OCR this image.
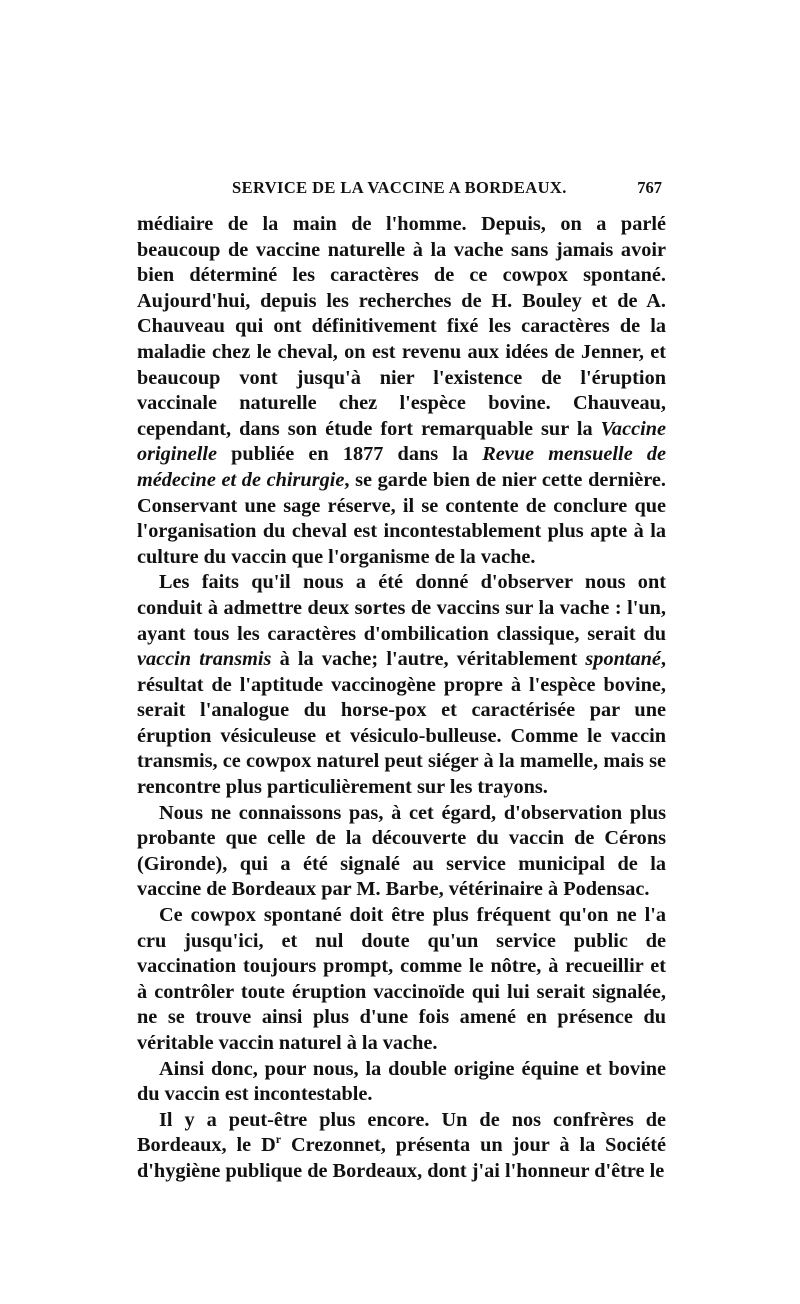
SERVICE DE LA VACCINE A BORDEAUX.	767

médiaire de la main de l'homme. Depuis, on a parlé beaucoup de vaccine naturelle à la vache sans jamais avoir bien déterminé les caractères de ce cowpox spontané. Aujourd'hui, depuis les recherches de H. Bouley et de A. Chauveau qui ont définitivement fixé les caractères de la maladie chez le cheval, on est revenu aux idées de Jenner, et beaucoup vont jusqu'à nier l'existence de l'éruption vaccinale naturelle chez l'espèce bovine. Chauveau, cependant, dans son étude fort remarquable sur la Vaccine originelle publiée en 1877 dans la Revue mensuelle de médecine et de chirurgie, se garde bien de nier cette dernière. Conservant une sage réserve, il se contente de conclure que l'organisation du cheval est incontestablement plus apte à la culture du vaccin que l'organisme de la vache.

Les faits qu'il nous a été donné d'observer nous ont conduit à admettre deux sortes de vaccins sur la vache : l'un, ayant tous les caractères d'ombilication classique, serait du vaccin transmis à la vache; l'autre, véritablement spontané, résultat de l'aptitude vaccinogène propre à l'espèce bovine, serait l'analogue du horse-pox et caractérisée par une éruption vésiculeuse et vésiculo-bulleuse. Comme le vaccin transmis, ce cowpox naturel peut siéger à la mamelle, mais se rencontre plus particulièrement sur les trayons.

Nous ne connaissons pas, à cet égard, d'observation plus probante que celle de la découverte du vaccin de Cérons (Gironde), qui a été signalé au service municipal de la vaccine de Bordeaux par M. Barbe, vétérinaire à Podensac.

Ce cowpox spontané doit être plus fréquent qu'on ne l'a cru jusqu'ici, et nul doute qu'un service public de vaccination toujours prompt, comme le nôtre, à recueillir et à contrôler toute éruption vaccinoïde qui lui serait signalée, ne se trouve ainsi plus d'une fois amené en présence du véritable vaccin naturel à la vache.

Ainsi donc, pour nous, la double origine équine et bovine du vaccin est incontestable.

Il y a peut-être plus encore. Un de nos confrères de Bordeaux, le $D^r$ Crezonnet, présenta un jour à la Société d'hygiène publique de Bordeaux, dont j'ai l'honneur d'être le
